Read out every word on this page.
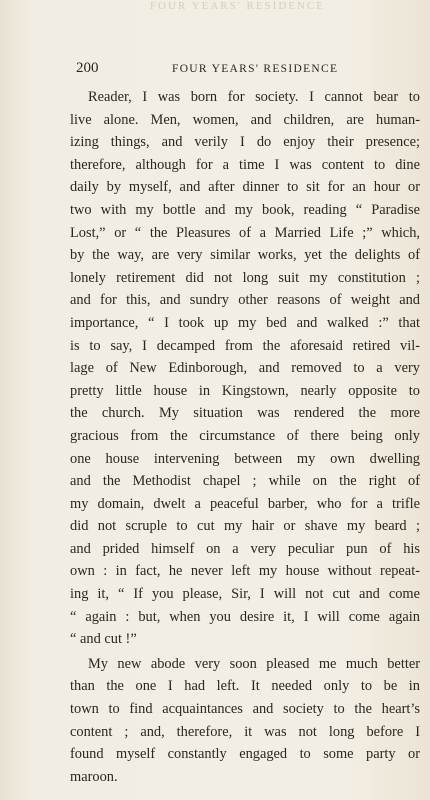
FOUR YEARS' RESIDENCE
200	FOUR YEARS' RESIDENCE
Reader, I was born for society. I cannot bear to
live alone. Men, women, and children, are human-
izing things, and verily I do enjoy their presence;
therefore, although for a time I was content to dine
daily by myself, and after dinner to sit for an hour or
two with my bottle and my book, reading “ Paradise
Lost,” or “ the Pleasures of a Married Life ;” which,
by the way, are very similar works, yet the delights of
lonely retirement did not long suit my constitution ;
and for this, and sundry other reasons of weight and
importance, “ I took up my bed and walked :” that
is to say, I decamped from the aforesaid retired vil-
lage of New Edinborough, and removed to a very
pretty little house in Kingstown, nearly opposite to
the church. My situation was rendered the more
gracious from the circumstance of there being only
one house intervening between my own dwelling
and the Methodist chapel ; while on the right of
my domain, dwelt a peaceful barber, who for a trifle
did not scruple to cut my hair or shave my beard ;
and prided himself on a very peculiar pun of his
own : in fact, he never left my house without repeat-
ing it, “ If you please, Sir, I will not cut and come
“ again : but, when you desire it, I will come again
“ and cut !”
My new abode very soon pleased me much better
than the one I had left. It needed only to be in
town to find acquaintances and society to the heart’s
content ; and, therefore, it was not long before I
found myself constantly engaged to some party or
maroon.
